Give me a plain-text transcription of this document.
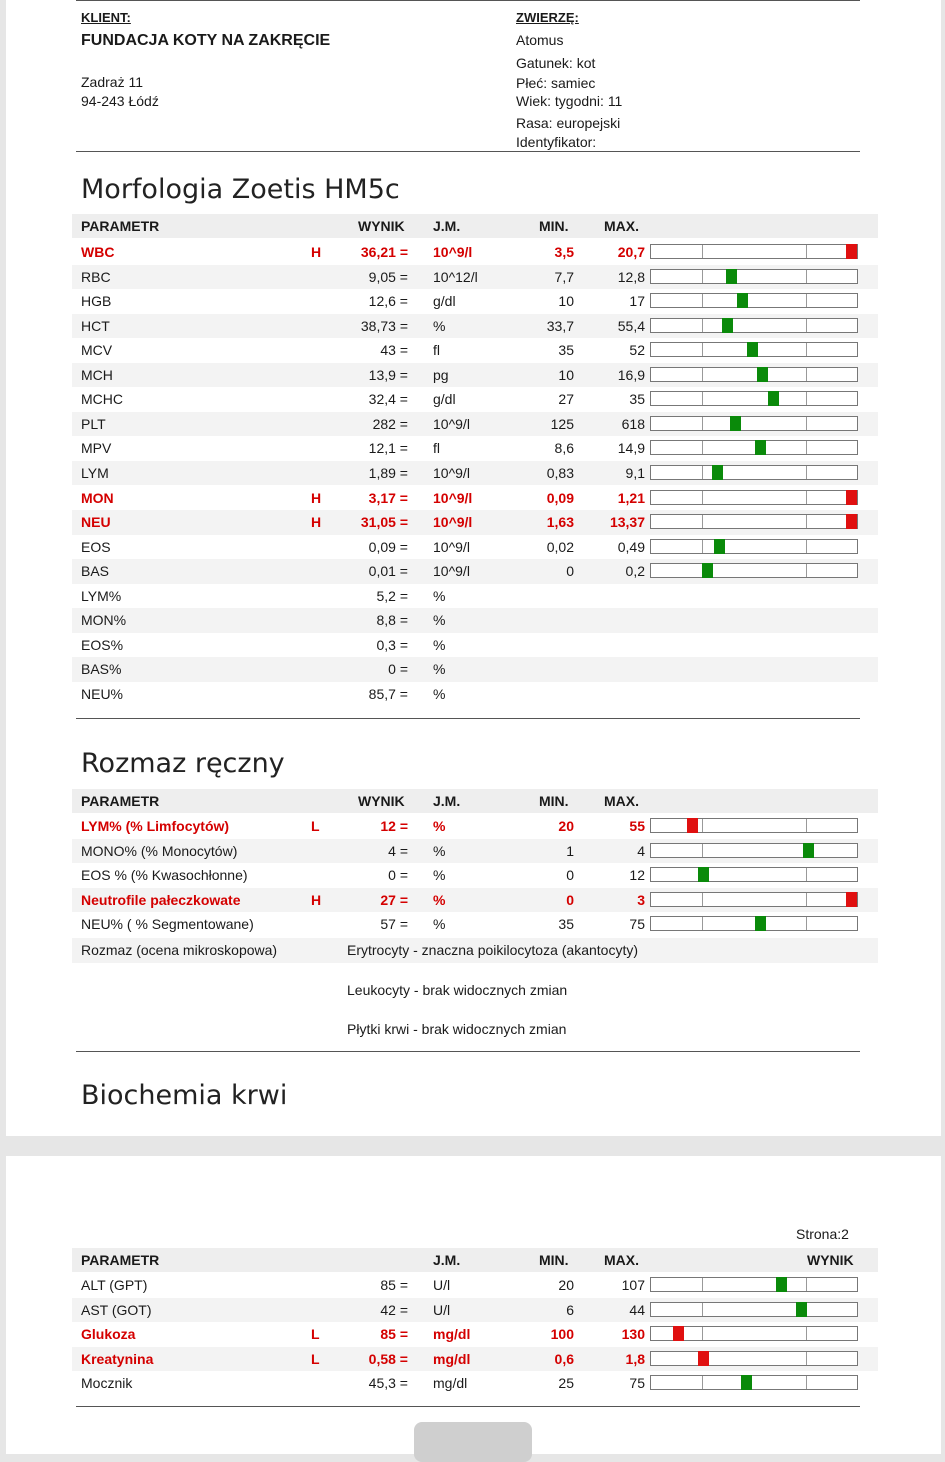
KLIENT:
FUNDACJA KOTY NA ZAKRĘCIE
Zadraż 11
94-243 Łódź
ZWIERZĘ:
Atomus
Gatunek: kot
Płeć: samiec
Wiek: tygodni: 11
Rasa: europejski
Identyfikator:
Morfologia Zoetis HM5c
PARAMETR	WYNIK J.M.	MIN.	MAX.
WBC	H	36,21 = 10^9/l	3,5	20,7
RBC	9,05 = 10^12/l	7,7	12,8
HGB	12,6 = g/dl	10	17
HCT	38,73 = %	33,7	55,4
MCV	43 = fl	35	52
MCH	13,9 = pg	10	16,9
MCHC	32,4 = g/dl	27	35
PLT	282 = 10^9/l	125	618
MPV	12,1 = fl	8,6	14,9
LYM	1,89 = 10^9/l	0,83	9,1
MON	H	3,17 = 10^9/l	0,09	1,21
NEU	H	31,05 = 10^9/l	1,63	13,37
EOS	0,09 = 10^9/l	0,02	0,49
BAS	0,01 = 10^9/l	0	0,2
LYM%	5,2 = %
MON%	8,8 = %
EOS%	0,3 = %
BAS%	0 = %
NEU%	85,7 = %
Rozmaz ręczny
PARAMETR	WYNIK J.M.	MIN.	MAX.
LYM% (% Limfocytów)	L	12 = %	20	55
MONO% (% Monocytów)	4 = %	1	4
EOS % (% Kwasochłonne)	0 = %	0	12
Neutrofile pałeczkowate	H	27 = %	0	3
NEU% ( % Segmentowane)	57 = %	35	75
Rozmaz (ocena mikroskopowa)	Erytrocyty - znaczna poikilocytoza (akantocyty)
Leukocyty - brak widocznych zmian
Płytki krwi - brak widocznych zmian
Biochemia krwi
Strona:2
PARAMETR	J.M.	MIN.	MAX.	WYNIK
ALT (GPT)	85 = U/l	20	107
AST (GOT)	42 = U/l	6	44
Glukoza	L	85 = mg/dl	100	130
Kreatynina	L	0,58 = mg/dl	0,6	1,8
Mocznik	45,3 = mg/dl	25	75
